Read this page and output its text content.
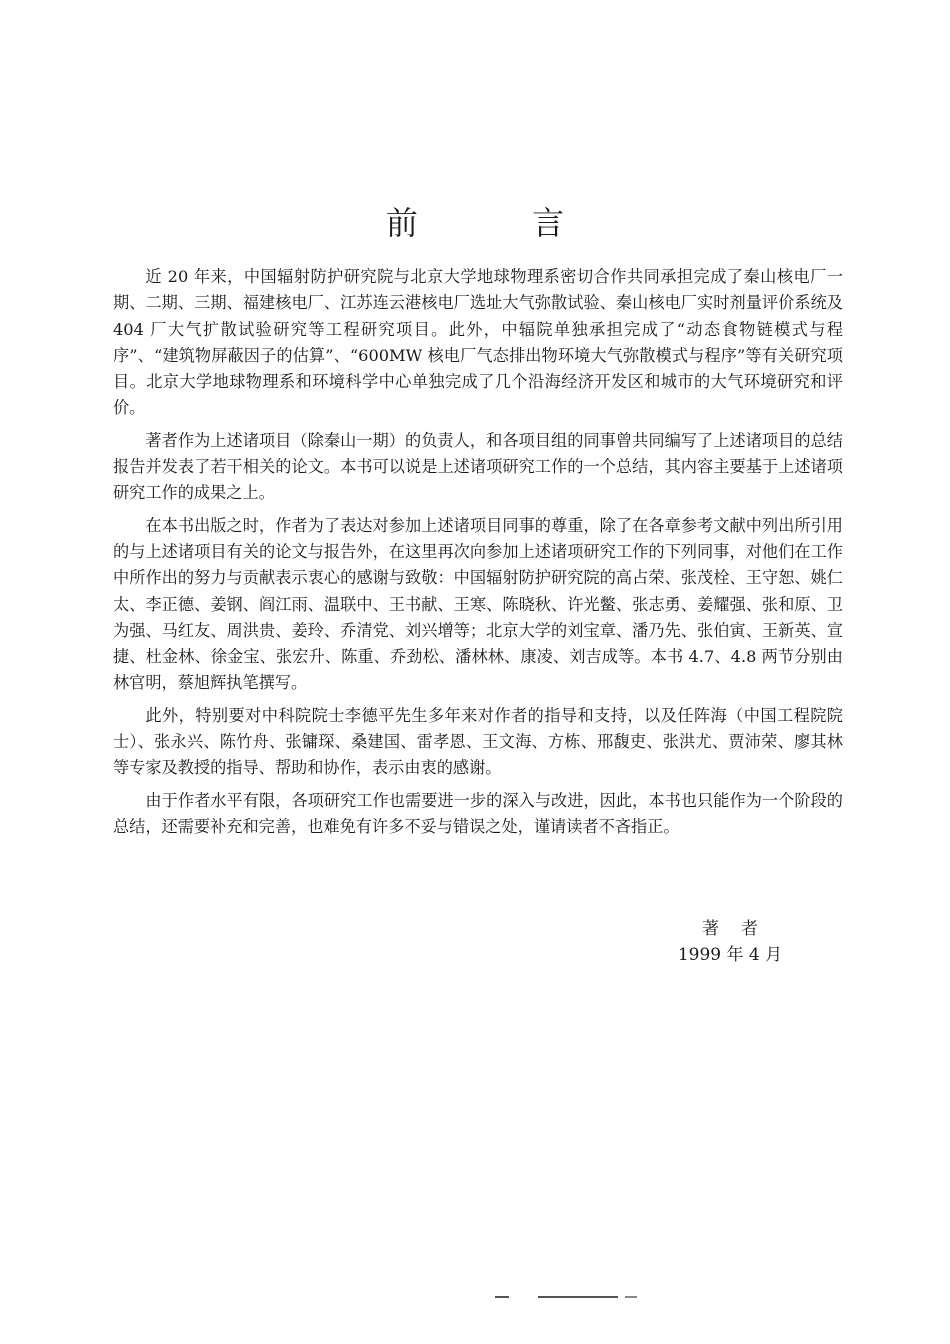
前 言

近 20 年来，中国辐射防护研究院与北京大学地球物理系密切合作共同承担完成了秦山核电厂一期、二期、三期、福建核电厂、江苏连云港核电厂选址大气弥散试验、秦山核电厂实时剂量评价系统及 404 厂大气扩散试验研究等工程研究项目。此外，中辐院单独承担完成了“动态食物链模式与程序”、“建筑物屏蔽因子的估算”、“600MW 核电厂气态排出物环境大气弥散模式与程序”等有关研究项目。北京大学地球物理系和环境科学中心单独完成了几个沿海经济开发区和城市的大气环境研究和评价。

著者作为上述诸项目（除秦山一期）的负责人，和各项目组的同事曾共同编写了上述诸项目的总结报告并发表了若干相关的论文。本书可以说是上述诸项研究工作的一个总结，其内容主要基于上述诸项研究工作的成果之上。

在本书出版之时，作者为了表达对参加上述诸项目同事的尊重，除了在各章参考文献中列出所引用的与上述诸项目有关的论文与报告外，在这里再次向参加上述诸项研究工作的下列同事，对他们在工作中所作出的努力与贡献表示衷心的感谢与致敬：中国辐射防护研究院的高占荣、张茂栓、王守恕、姚仁太、李正德、姜钢、阎江雨、温联中、王书献、王寒、陈晓秋、许光鳖、张志勇、姜耀强、张和原、卫为强、马红友、周洪贵、姜玲、乔清党、刘兴增等；北京大学的刘宝章、潘乃先、张伯寅、王新英、宣捷、杜金林、徐金宝、张宏升、陈重、乔劲松、潘林林、康凌、刘吉成等。本书 4.7、4.8 两节分别由林官明，蔡旭辉执笔撰写。

此外，特别要对中科院院士李德平先生多年来对作者的指导和支持，以及任阵海（中国工程院院士）、张永兴、陈竹舟、张镛琛、桑建国、雷孝恩、王文海、方栋、邢馥吏、张洪尤、贾沛荣、廖其林等专家及教授的指导、帮助和协作，表示由衷的感谢。

由于作者水平有限，各项研究工作也需要进一步的深入与改进，因此，本书也只能作为一个阶段的总结，还需要补充和完善，也难免有许多不妥与错误之处，谨请读者不吝指正。

著者
1999 年 4 月
